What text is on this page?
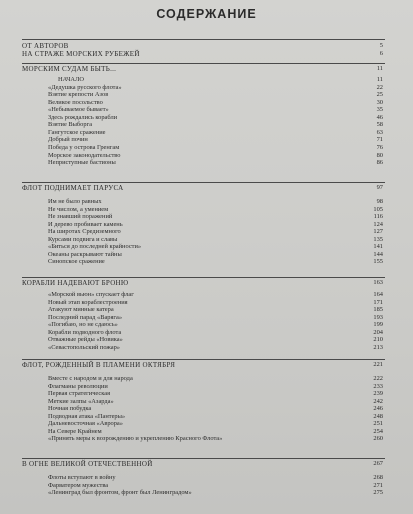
СОДЕРЖАНИЕ
ОТ АВТОРОВ	5
НА СТРАЖЕ МОРСКИХ РУБЕЖЕЙ	6
МОРСКИМ СУДАМ БЫТЬ...	11
НАЧАЛО	11
«Дедушка русского флота»	22
Взятие крепости Азов	25
Великое посольство	30
«Небываемое бывает»	35
Здесь рождались корабли	46
Взятие Выборга	58
Гангутское сражение	63
Добрый почин	71
Победа у острова Гренгам	76
Морское законодательство	80
Неприступные бастионы	86
ФЛОТ ПОДНИМАЕТ ПАРУСА	97
Им не было равных	98
Не числом, а умением	105
Не знавший поражений	116
И дерево пробивает камень	124
На широтах Средиземного	127
Курсами подвига и славы	135
«Биться до последней крайности»	141
Океаны раскрывают тайны	144
Синопское сражение	155
КОРАБЛИ НАДЕВАЮТ БРОНЮ	163
«Морской вьюн» спускает флаг	164
Новый этап кораблестроения	171
Атакуют минные катера	185
Последний парад «Варяга»	193
«Погибаю, но не сдаюсь»	199
Корабли подводного флота	204
Отважные рейды «Новика»	210
«Севастопольский пожар»	213
ФЛОТ, РОЖДЕННЫЙ В ПЛАМЕНИ ОКТЯБРЯ	221
Вместе с народом и для народа	222
Флагманы революции	233
Первая стратегическая	239
Меткие залпы «Азарда»	242
Ночная побудка	246
Подводная атака «Пантеры»	248
Дальневосточная «Аврора»	251
На Севере Крайнем	254
«Принять меры к возрождению и укреплению Красного Флота»	260
В ОГНЕ ВЕЛИКОЙ ОТЕЧЕСТВЕННОЙ	267
Флоты вступают в войну	268
Фарватером мужества	271
«Ленинград был фронтом, фронт был Ленинградом»	275
